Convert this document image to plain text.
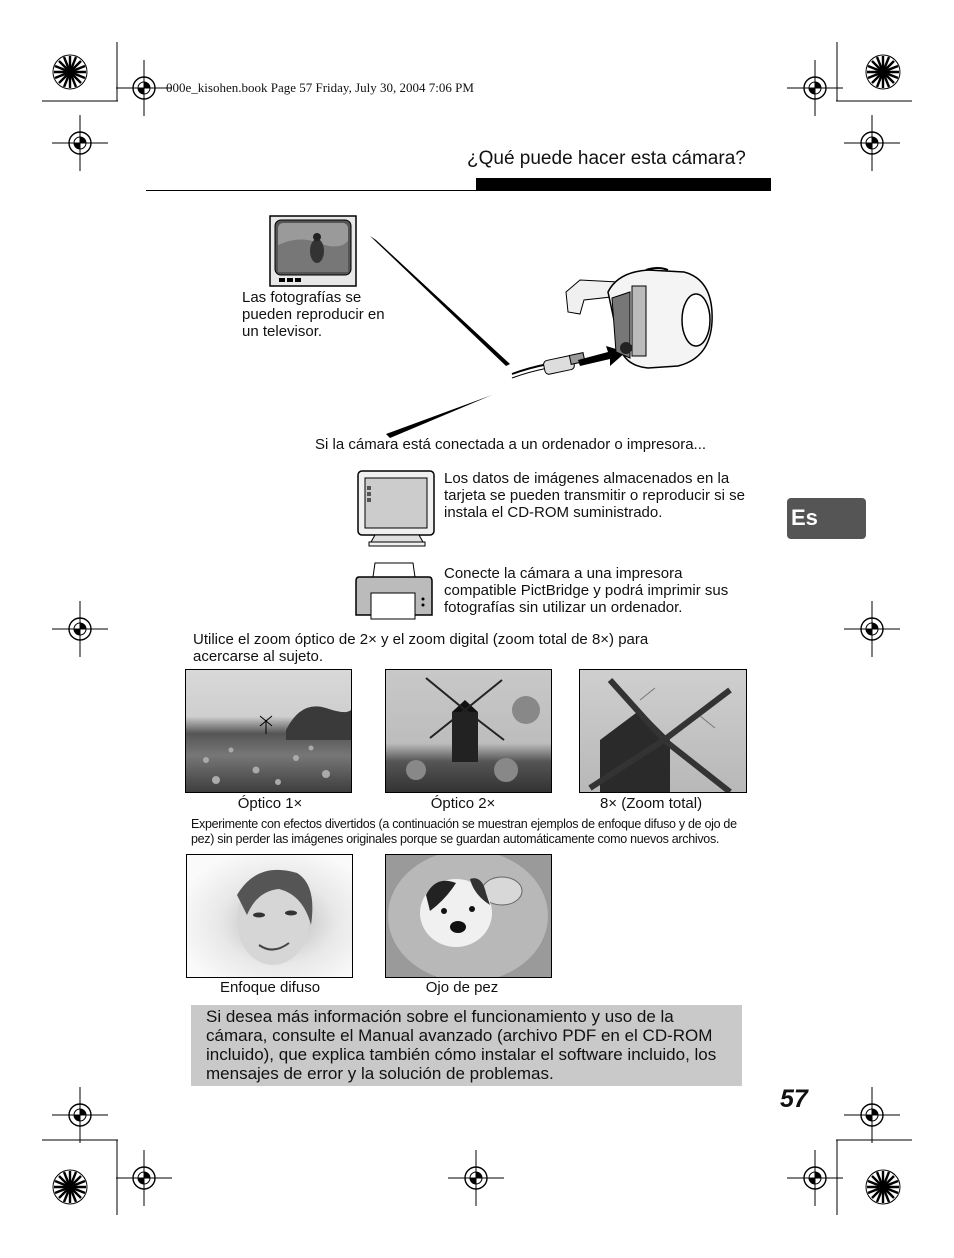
000e_kisohen.book Page 57 Friday, July 30, 2004 7:06 PM
¿Qué puede hacer esta cámara?
Las fotografías se pueden reproducir en un televisor.
Si la cámara está conectada a un ordenador o impresora...
Los datos de imágenes almacenados en la tarjeta se pueden transmitir o reproducir si se instala el CD-ROM suministrado.
Conecte la cámara a una impresora compatible PictBridge y podrá imprimir sus fotografías sin utilizar un ordenador.
Utilice el zoom óptico de 2× y el zoom digital (zoom total de 8×) para acercarse al sujeto.
Óptico 1×	Óptico 2×	8× (Zoom total)
Experimente con efectos divertidos (a continuación se muestran ejemplos de enfoque difuso y de ojo de pez) sin perder las imágenes originales porque se guardan automáticamente como nuevos archivos.
Enfoque difuso	Ojo de pez
Es

Si desea más información sobre el funcionamiento y uso de la cámara, consulte el Manual avanzado (archivo PDF en el CD-ROM incluido), que explica también cómo instalar el software incluido, los mensajes de error y la solución de problemas.

57
